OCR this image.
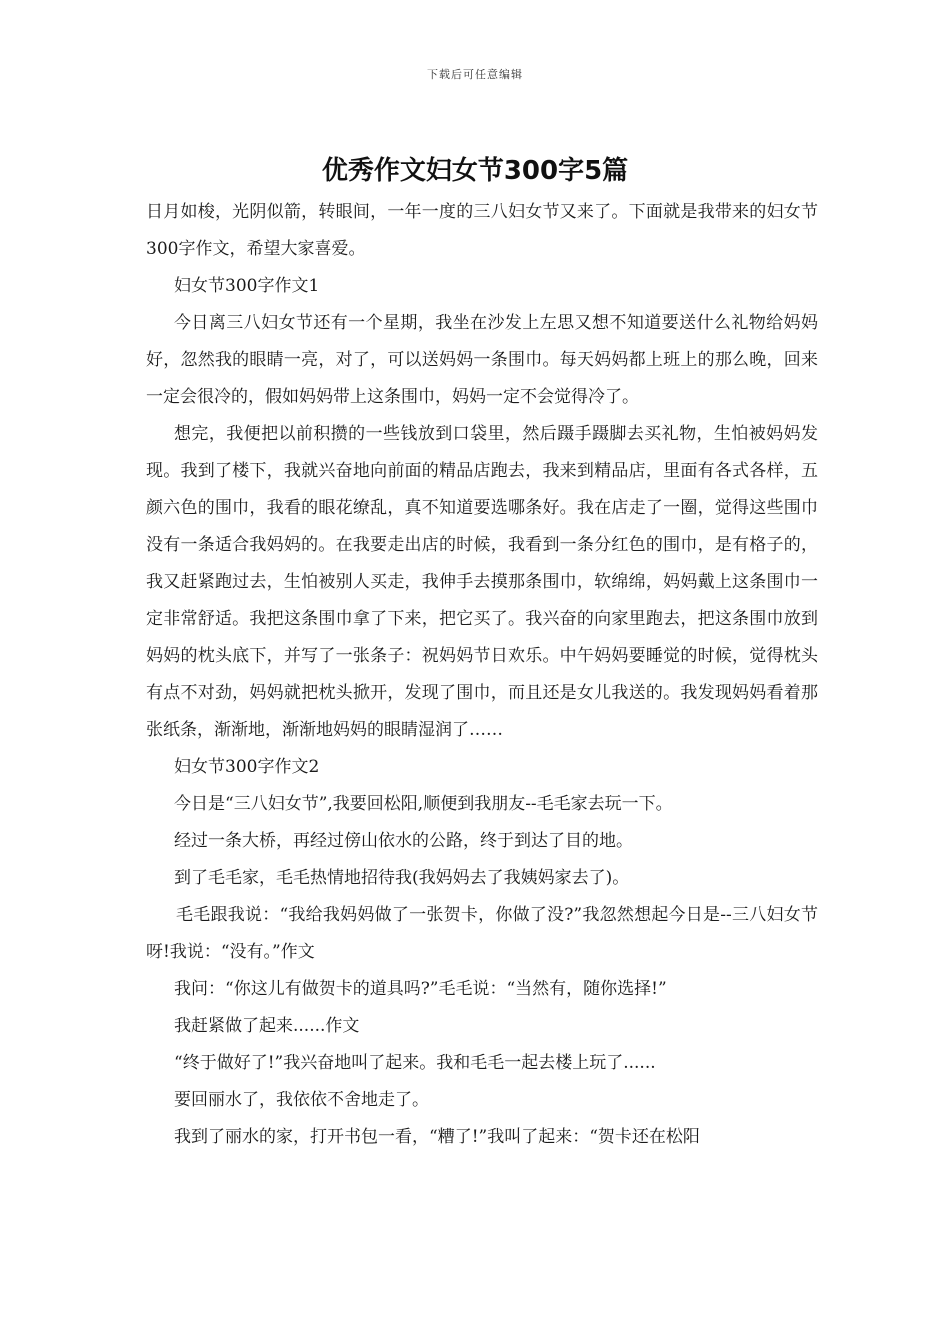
下载后可任意编辑
优秀作文妇女节300字5篇

日月如梭，光阴似箭，转眼间，一年一度的三八妇女节又来了。下面就是我带来的妇女节300字作文，希望大家喜爱。

妇女节300字作文1

今日离三八妇女节还有一个星期，我坐在沙发上左思又想不知道要送什么礼物给妈妈好，忽然我的眼睛一亮，对了，可以送妈妈一条围巾。每天妈妈都上班上的那么晚，回来一定会很冷的，假如妈妈带上这条围巾，妈妈一定不会觉得冷了。

想完，我便把以前积攒的一些钱放到口袋里，然后蹑手蹑脚去买礼物，生怕被妈妈发现。我到了楼下，我就兴奋地向前面的精品店跑去，我来到精品店，里面有各式各样，五颜六色的围巾，我看的眼花缭乱，真不知道要选哪条好。我在店走了一圈，觉得这些围巾没有一条适合我妈妈的。在我要走出店的时候，我看到一条分红色的围巾，是有格子的，我又赶紧跑过去，生怕被别人买走，我伸手去摸那条围巾，软绵绵，妈妈戴上这条围巾一定非常舒适。我把这条围巾拿了下来，把它买了。我兴奋的向家里跑去，把这条围巾放到妈妈的枕头底下，并写了一张条子：祝妈妈节日欢乐。中午妈妈要睡觉的时候，觉得枕头有点不对劲，妈妈就把枕头掀开，发现了围巾，而且还是女儿我送的。我发现妈妈看着那张纸条，渐渐地，渐渐地妈妈的眼睛湿润了……

妇女节300字作文2

今日是“三八妇女节”,我要回松阳,顺便到我朋友--毛毛家去玩一下。

经过一条大桥，再经过傍山依水的公路，终于到达了目的地。

到了毛毛家，毛毛热情地招待我(我妈妈去了我姨妈家去了)。

毛毛跟我说：“我给我妈妈做了一张贺卡，你做了没?”我忽然想起今日是--三八妇女节呀!我说：“没有。”作文

我问：“你这儿有做贺卡的道具吗?”毛毛说：“当然有，随你选择!”

我赶紧做了起来......作文

“终于做好了!”我兴奋地叫了起来。我和毛毛一起去楼上玩了......

要回丽水了，我依依不舍地走了。

我到了丽水的家，打开书包一看，“糟了!”我叫了起来：“贺卡还在松阳
